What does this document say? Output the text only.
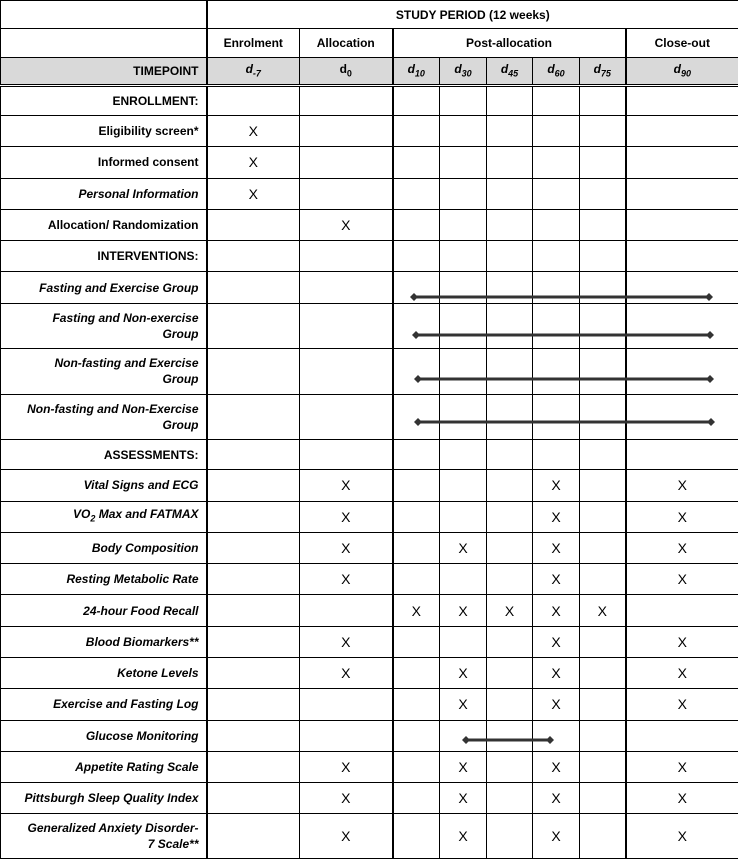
	STUDY PERIOD (12 weeks)							
	Enrolment	Allocation	Post-allocation					Close-out
TIMEPOINT	$d_{-7}$	$d_0$	$d_{10}$	$d_{30}$	$d_{45}$	$d_{60}$	$d_{75}$	$d_{90}$
ENROLLMENT:								
Eligibility screen*	X							
Informed consent	X							
Personal Information	X							
Allocation/ Randomization		X						
INTERVENTIONS:								
Fasting and Exercise Group								
Fasting and Non-exercise
Group								
Non-fasting and Exercise
Group								
Non-fasting and Non-Exercise
Group								
ASSESSMENTS:								
Vital Signs and ECG		X				X		X
$VO_2$ Max and FATMAX		X				X		X
Body Composition		X		X		X		X
Resting Metabolic Rate		X				X		X
24-hour Food Recall			X	X	X	X	X	
Blood Biomarkers**		X				X		X
Ketone Levels		X		X		X		X
Exercise and Fasting Log				X		X		X
Glucose Monitoring								
Appetite Rating Scale		X		X		X		X
Pittsburgh Sleep Quality Index		X		X		X		X
Generalized Anxiety Disorder-
7 Scale**		X		X		X		X
